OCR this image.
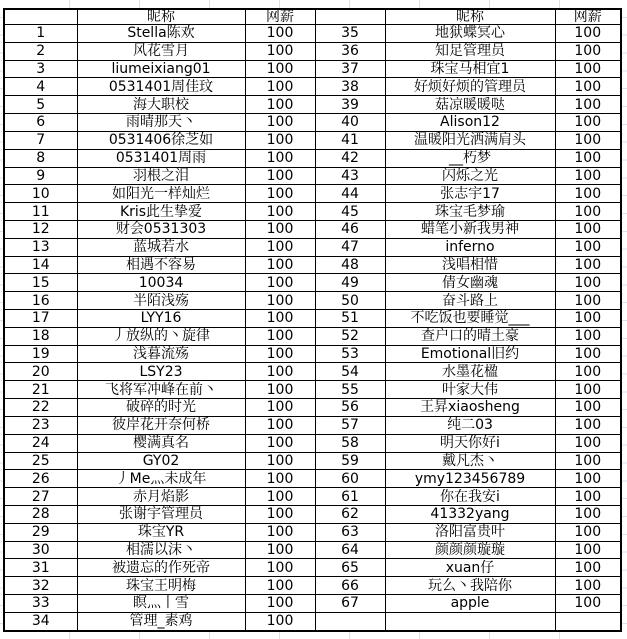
	昵称	网薪		昵称	网薪
1	Stella陈欢	100	35	地狱蝶冥心	100
2	风花雪月	100	36	知足管理员	100
3	liumeixiang01	100	37	珠宝马相宜1	100
4	0531401周佳玟	100	38	好烦好烦的管理员	100
5	海大职校	100	39	菇凉暖暖哒	100
6	雨晴那天丶	100	40	Alison12	100
7	0531406徐芝如	100	41	温暖阳光洒满肩头	100
8	0531401周雨	100	42	__朽梦	100
9	羽根之泪	100	43	闪烁之光	100
10	如阳光一样灿烂	100	44	张志宇17	100
11	Kris此生挚爱	100	45	珠宝毛梦瑜	100
12	财会0531303	100	46	蜡笔小新我男神	100
13	蓝城若水	100	47	inferno	100
14	相遇不容易	100	48	浅唱相惜	100
15	10034	100	49	倩女幽魂	100
16	半陌浅殇	100	50	奋斗路上	100
17	LYY16	100	51	不吃饭也要睡觉___	100
18	丿放纵的丶旋律	100	52	查户口的晴土豪	100
19	浅暮流殇	100	53	Emotional旧约	100
20	LSY23	100	54	水墨花楹	100
21	飞将军冲峰在前丶	100	55	叶家大伟	100
22	破碎的时光	100	56	王昇xiaosheng	100
23	彼岸花开奈何桥	100	57	纯二03	100
24	樱满真名	100	58	明天你好i	100
25	GY02	100	59	戴凡杰丶	100
26	丿Me灬未成年	100	60	ymy123456789	100
27	赤月焰影	100	61	你在我安i	100
28	张谢宇管理员	100	62	41332yang	100
29	珠宝YR	100	63	洛阳富贵叶	100
30	相濡以沫丶	100	64	颜颜颜璇璇	100
31	被遗忘的作死帝	100	65	xuan仔	100
32	珠宝王明梅	100	66	玩么丶我陪你	100
33	瞑灬丨雪	100	67	apple	100
34	管理_素鸡	100			
